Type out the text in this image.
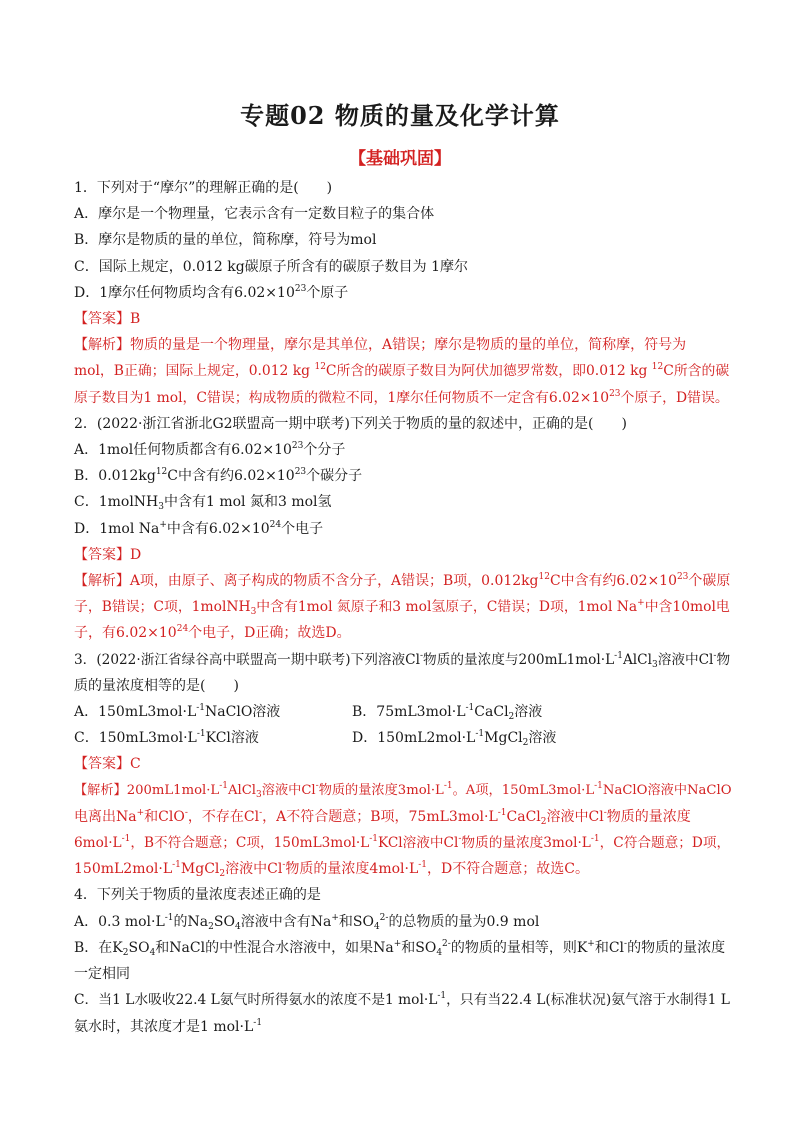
专题02 物质的量及化学计算
【基础巩固】
1．下列对于“摩尔”的理解正确的是(　　)
A．摩尔是一个物理量，它表示含有一定数目粒子的集合体
B．摩尔是物质的量的单位，简称摩，符号为mol
C．国际上规定，0.012 kg碳原子所含有的碳原子数目为 1摩尔
D．1摩尔任何物质均含有$6.02\times 10^{23}$个原子
【答案】B
【解析】物质的量是一个物理量，摩尔是其单位，A错误；摩尔是物质的量的单位，简称摩，符号为
mol，B正确；国际上规定，0.012 kg $^{12}$C所含的碳原子数目为阿伏加德罗常数，即0.012 kg $^{12}$C所含的碳
原子数目为1 mol，C错误；构成物质的微粒不同，1摩尔任何物质不一定含有$6.02\times 10^{23}$个原子，D错误。
2．(2022·浙江省浙北G2联盟高一期中联考)下列关于物质的量的叙述中，正确的是(　　)
A．1mol任何物质都含有$6.02\times 10^{23}$个分子
B．$0.012kg^{12}C$中含有约$6.02\times 10^{23}$个碳分子
C．1molNH$_3$中含有1 mol 氮和3 mol氢
D．1mol Na+中含有$6.02\times 10^{24}$个电子
【答案】D
【解析】A项，由原子、离子构成的物质不含分子，A错误；B项，$0.012kg^{12}C$中含有约$6.02\times 10^{23}$个碳原
子，B错误；C项，1molNH$_3$中含有1mol 氮原子和3 mol氢原子，C错误；D项，1mol Na+中含10mol电
子，有$6.02\times 10^{24}$个电子，D正确；故选D。
3．(2022·浙江省绿谷高中联盟高一期中联考)下列溶液Cl-物质的量浓度与$200mL1mol\cdot L^{-1}AlCl_3$溶液中Cl-物
质的量浓度相等的是(　　)
A．$150mL3mol\cdot L^{-1}NaClO$溶液	B．$75mL3mol\cdot L^{-1}CaCl_2$溶液
C．$150mL3mol\cdot L^{-1}KCl$溶液	D．$150mL2mol\cdot L^{-1}MgCl_2$溶液
【答案】C
【解析】$200mL1mol\cdot L^{-1}AlCl_3$溶液中Cl-物质的量浓度$3mol\cdot L^{-1}$。A项，$150mL3mol\cdot L^{-1}NaClO$溶液中NaClO
电离出Na+和ClO-，不存在Cl-，A不符合题意；B项，$75mL3mol\cdot L^{-1}CaCl_2$溶液中Cl-物质的量浓度
$6mol\cdot L^{-1}$，B不符合题意；C项，$150mL3mol\cdot L^{-1}KCl$溶液中Cl-物质的量浓度$3mol\cdot L^{-1}$，C符合题意；D项，
$150mL2mol\cdot L^{-1}MgCl_2$溶液中Cl-物质的量浓度$4mol\cdot L^{-1}$，D不符合题意；故选C。
4．下列关于物质的量浓度表述正确的是
A．0.3 $mol\cdot L^{-1}$的$Na_2SO_4$溶液中含有Na+和$SO_4^{2-}$的总物质的量为0.9 mol
B．在$K_2SO_4$和NaCl的中性混合水溶液中，如果Na+和$SO_4^{2-}$的物质的量相等，则K+和Cl-的物质的量浓度
一定相同
C．当1 L水吸收22.4 L氨气时所得氨水的浓度不是1 $mol\cdot L^{-1}$，只有当22.4 L(标准状况)氨气溶于水制得1 L
氨水时，其浓度才是1 $mol\cdot L^{-1}$
